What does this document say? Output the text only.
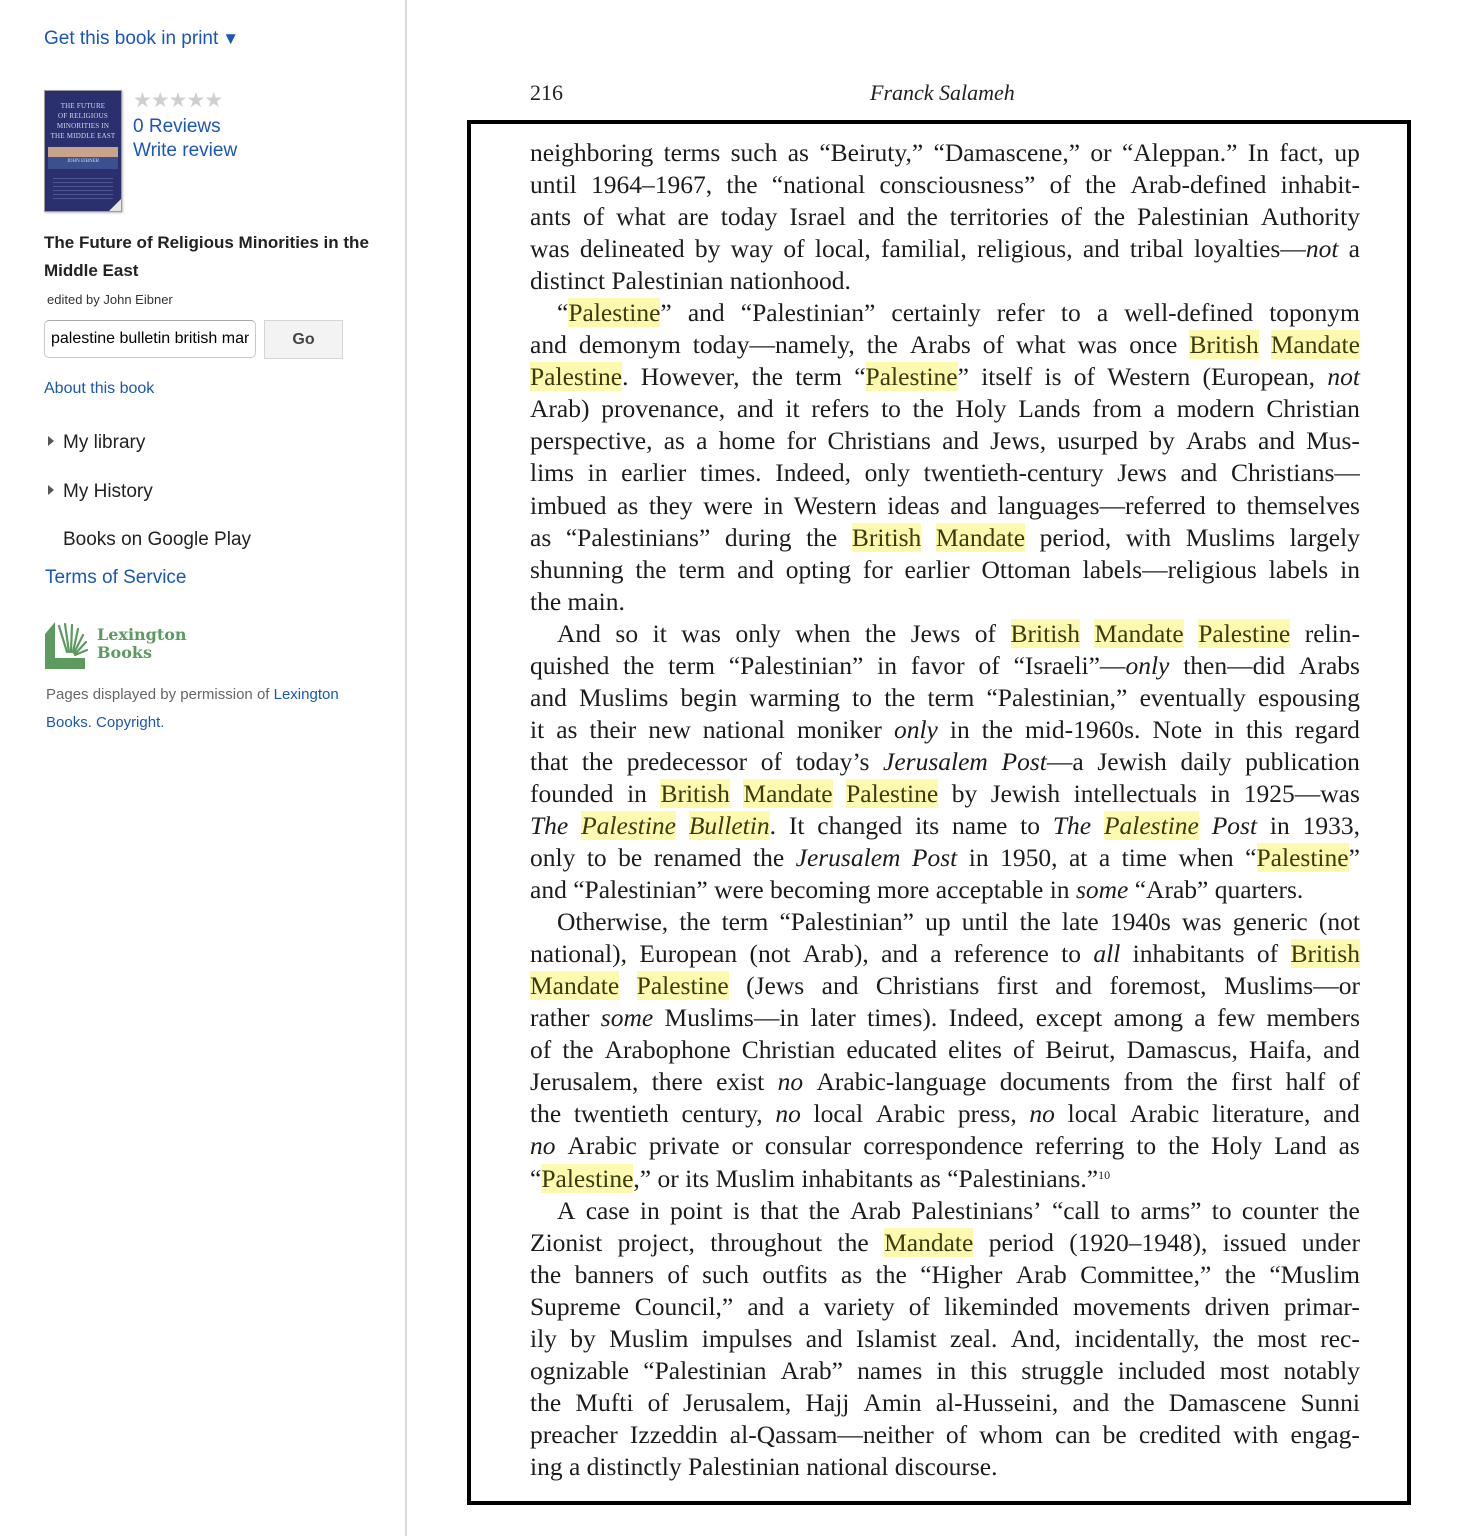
Get this book in print ▼
THE FUTURE
OF RELIGIOUS
MINORITIES IN
THE MIDDLE EAST
JOHN EIBNER
★★★★★
0 Reviews
Write review
The Future of Religious Minorities in the Middle East
edited by John Eibner
palestine bulletin british mandate
Go
About this book
My library
My History
Books on Google Play
Terms of Service
Lexington
Books
Pages displayed by permission of Lexington Books. Copyright.
216	Franck Salameh
neighboring terms such as “Beiruty,” “Damascene,” or “Aleppan.” In fact, up
until 1964–1967, the “national consciousness” of the Arab-defined inhabit-
ants of what are today Israel and the territories of the Palestinian Authority
was delineated by way of local, familial, religious, and tribal loyalties—not a
distinct
Palestinian
nationhood.
“Palestine” and “Palestinian” certainly refer to a well-defined toponym
and demonym today—namely, the Arabs of what was once British Mandate
Palestine. However, the term “Palestine” itself is of Western (European, not
Arab) provenance, and it refers to the Holy Lands from a modern Christian
perspective, as a home for Christians and Jews, usurped by Arabs and Mus-
lims in earlier times. Indeed, only twentieth-century Jews and Christians—
imbued as they were in Western ideas and languages—referred to themselves
as “Palestinians” during the British Mandate period, with Muslims largely
shunning the term and opting for earlier Ottoman labels—religious labels in
the
main.
And so it was only when the Jews of British Mandate Palestine relin-
quished the term “Palestinian” in favor of “Israeli”—only then—did Arabs
and Muslims begin warming to the term “Palestinian,” eventually espousing
it as their new national moniker only in the mid-1960s. Note in this regard
that the predecessor of today’s Jerusalem Post—a Jewish daily publication
founded in British Mandate Palestine by Jewish intellectuals in 1925—was
The Palestine Bulletin. It changed its name to The Palestine Post in 1933,
only to be renamed the Jerusalem Post in 1950, at a time when “Palestine”
and
“Palestinian”
were
becoming
more
acceptable
in
some
“Arab”
quarters.
Otherwise, the term “Palestinian” up until the late 1940s was generic (not
national), European (not Arab), and a reference to all inhabitants of British
Mandate Palestine (Jews and Christians first and foremost, Muslims—or
rather some Muslims—in later times). Indeed, except among a few members
of the Arabophone Christian educated elites of Beirut, Damascus, Haifa, and
Jerusalem, there exist no Arabic-language documents from the first half of
the twentieth century, no local Arabic press, no local Arabic literature, and
no Arabic private or consular correspondence referring to the Holy Land as
“Palestine,”
or
its
Muslim
inhabitants
as
“Palestinians.”$^{10}$
A case in point is that the Arab Palestinians’ “call to arms” to counter the
Zionist project, throughout the Mandate period (1920–1948), issued under
the banners of such outfits as the “Higher Arab Committee,” the “Muslim
Supreme Council,” and a variety of likeminded movements driven primar-
ily by Muslim impulses and Islamist zeal. And, incidentally, the most rec-
ognizable “Palestinian Arab” names in this struggle included most notably
the Mufti of Jerusalem, Hajj Amin al-Husseini, and the Damascene Sunni
preacher Izzeddin al-Qassam—neither of whom can be credited with engag-
ing
a
distinctly
Palestinian
national
discourse.
